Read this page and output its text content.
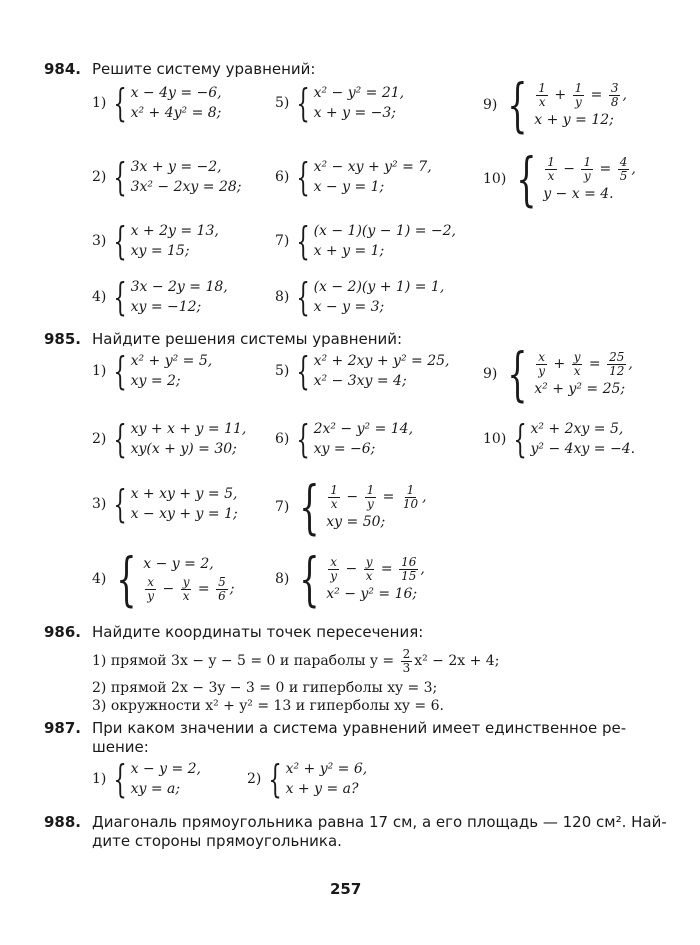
984. Решите систему уравнений:
1) { x − 4y = −6,
x² + 4y² = 8;
2) { 3x + y = −2,
3x² − 2xy = 28;
3) { x + 2y = 13,
xy = 15;
4) { 3x − 2y = 18,
xy = −12;
5) { x² − y² = 21,
x + y = −3;
6) { x² − xy + y² = 7,
x − y = 1;
7) { (x − 1)(y − 1) = −2,
x + y = 1;
8) { (x − 2)(y + 1) = 1,
x − y = 3;
9) { $\frac{1}{x} + \frac{1}{y} = \frac{3}{8}$ ,
x + y = 12;
10) { $\frac{1}{x} - \frac{1}{y} = \frac{4}{5}$ ,
y − x = 4.
985. Найдите решения системы уравнений:
1) { x² + y² = 5,
xy = 2;
2) { xy + x + y = 11,
xy(x + y) = 30;
3) { x + xy + y = 5,
x − xy + y = 1;
4) { x − y = 2,
$\frac{x}{y} - \frac{y}{x} = \frac{5}{6}$ ;
5) { x² + 2xy + y² = 25,
x² − 3xy = 4;
6) { 2x² − y² = 14,
xy = −6;
7) { $\frac{1}{x} - \frac{1}{y} = \frac{1}{10}$ ,
xy = 50;
8) { $\frac{x}{y} - \frac{y}{x} = \frac{16}{15}$ ,
x² − y² = 16;
9) { $\frac{x}{y} + \frac{y}{x} = \frac{25}{12}$ ,
x² + y² = 25;
10) { x² + 2xy = 5,
y² − 4xy = −4.
986. Найдите координаты точек пересечения:
1) прямой 3x − y − 5 = 0 и параболы y =
$\frac{2}{3} x^2 - 2x + 4$;
2) прямой 2x − 3y − 3 = 0 и гиперболы xy = 3;
3) окружности x² + y² = 13 и гиперболы xy = 6.
987. При каком значении a система уравнений имеет единственное ре-
шение:
1) { x − y = 2,
xy = a;
2) { x² + y² = 6,
x + y = a?
988. Диагональ прямоугольника равна 17 см, а его площадь — 120 см². Най-
дите стороны прямоугольника.
257
